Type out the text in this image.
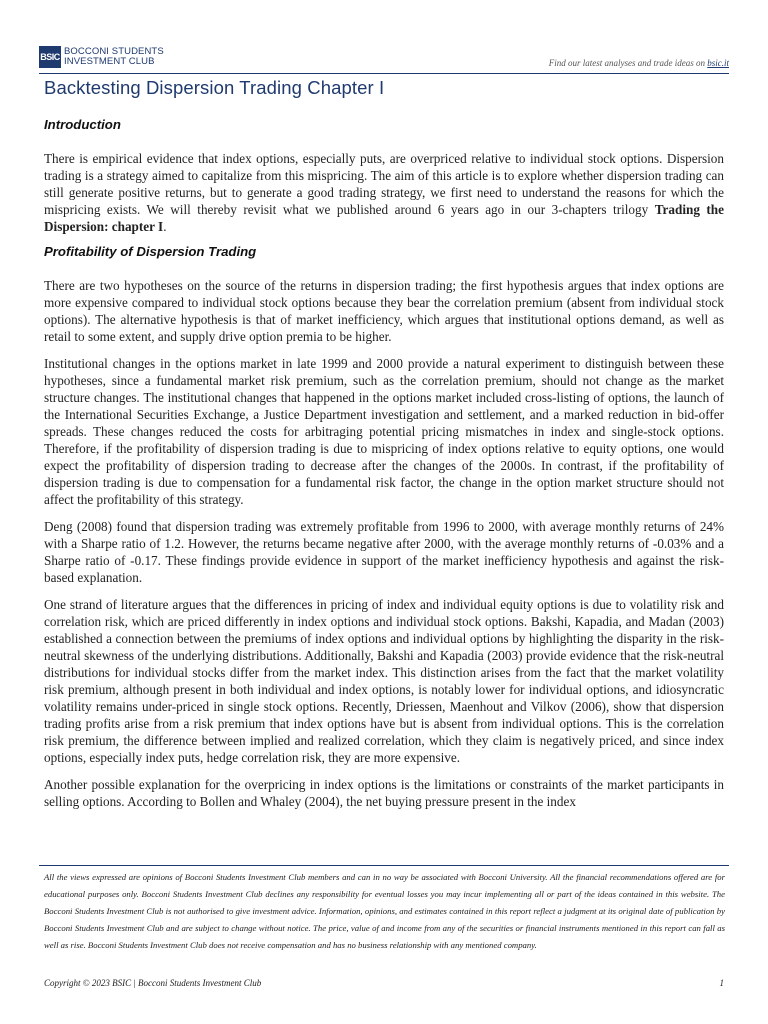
BSIC BOCCONI STUDENTS
INVESTMENT CLUB	Find our latest analyses and trade ideas on bsic.it
Backtesting Dispersion Trading Chapter I
Introduction

There is empirical evidence that index options, especially puts, are overpriced relative to individual stock options. Dispersion trading is a strategy aimed to capitalize from this mispricing. The aim of this article is to explore whether dispersion trading can still generate positive returns, but to generate a good trading strategy, we first need to understand the reasons for which the mispricing exists. We will thereby revisit what we published around 6 years ago in our 3-chapters trilogy Trading the Dispersion: chapter I.

Profitability of Dispersion Trading

There are two hypotheses on the source of the returns in dispersion trading; the first hypothesis argues that index options are more expensive compared to individual stock options because they bear the correlation premium (absent from individual stock options). The alternative hypothesis is that of market inefficiency, which argues that institutional options demand, as well as retail to some extent, and supply drive option premia to be higher.

Institutional changes in the options market in late 1999 and 2000 provide a natural experiment to distinguish between these hypotheses, since a fundamental market risk premium, such as the correlation premium, should not change as the market structure changes. The institutional changes that happened in the options market included cross-listing of options, the launch of the International Securities Exchange, a Justice Department investigation and settlement, and a marked reduction in bid-offer spreads. These changes reduced the costs for arbitraging potential pricing mismatches in index and single-stock options. Therefore, if the profitability of dispersion trading is due to mispricing of index options relative to equity options, one would expect the profitability of dispersion trading to decrease after the changes of the 2000s. In contrast, if the profitability of dispersion trading is due to compensation for a fundamental risk factor, the change in the option market structure should not affect the profitability of this strategy.

Deng (2008) found that dispersion trading was extremely profitable from 1996 to 2000, with average monthly returns of 24% with a Sharpe ratio of 1.2. However, the returns became negative after 2000, with the average monthly returns of -0.03% and a Sharpe ratio of -0.17. These findings provide evidence in support of the market inefficiency hypothesis and against the risk-based explanation.

One strand of literature argues that the differences in pricing of index and individual equity options is due to volatility risk and correlation risk, which are priced differently in index options and individual stock options. Bakshi, Kapadia, and Madan (2003) established a connection between the premiums of index options and individual options by highlighting the disparity in the risk-neutral skewness of the underlying distributions. Additionally, Bakshi and Kapadia (2003) provide evidence that the risk-neutral distributions for individual stocks differ from the market index. This distinction arises from the fact that the market volatility risk premium, although present in both individual and index options, is notably lower for individual options, and idiosyncratic volatility remains under-priced in single stock options. Recently, Driessen, Maenhout and Vilkov (2006), show that dispersion trading profits arise from a risk premium that index options have but is absent from individual options. This is the correlation risk premium, the difference between implied and realized correlation, which they claim is negatively priced, and since index options, especially index puts, hedge correlation risk, they are more expensive.

Another possible explanation for the overpricing in index options is the limitations or constraints of the market participants in selling options. According to Bollen and Whaley (2004), the net buying pressure present in the index

All the views expressed are opinions of Bocconi Students Investment Club members and can in no way be associated with Bocconi University. All the financial recommendations offered are for educational purposes only. Bocconi Students Investment Club declines any responsibility for eventual losses you may incur implementing all or part of the ideas contained in this website. The Bocconi Students Investment Club is not authorised to give investment advice. Information, opinions, and estimates contained in this report reflect a judgment at its original date of publication by Bocconi Students Investment Club and are subject to change without notice. The price, value of and income from any of the securities or financial instruments mentioned in this report can fall as well as rise. Bocconi Students Investment Club does not receive compensation and has no business relationship with any mentioned company.

Copyright © 2023 BSIC | Bocconi Students Investment Club	1
